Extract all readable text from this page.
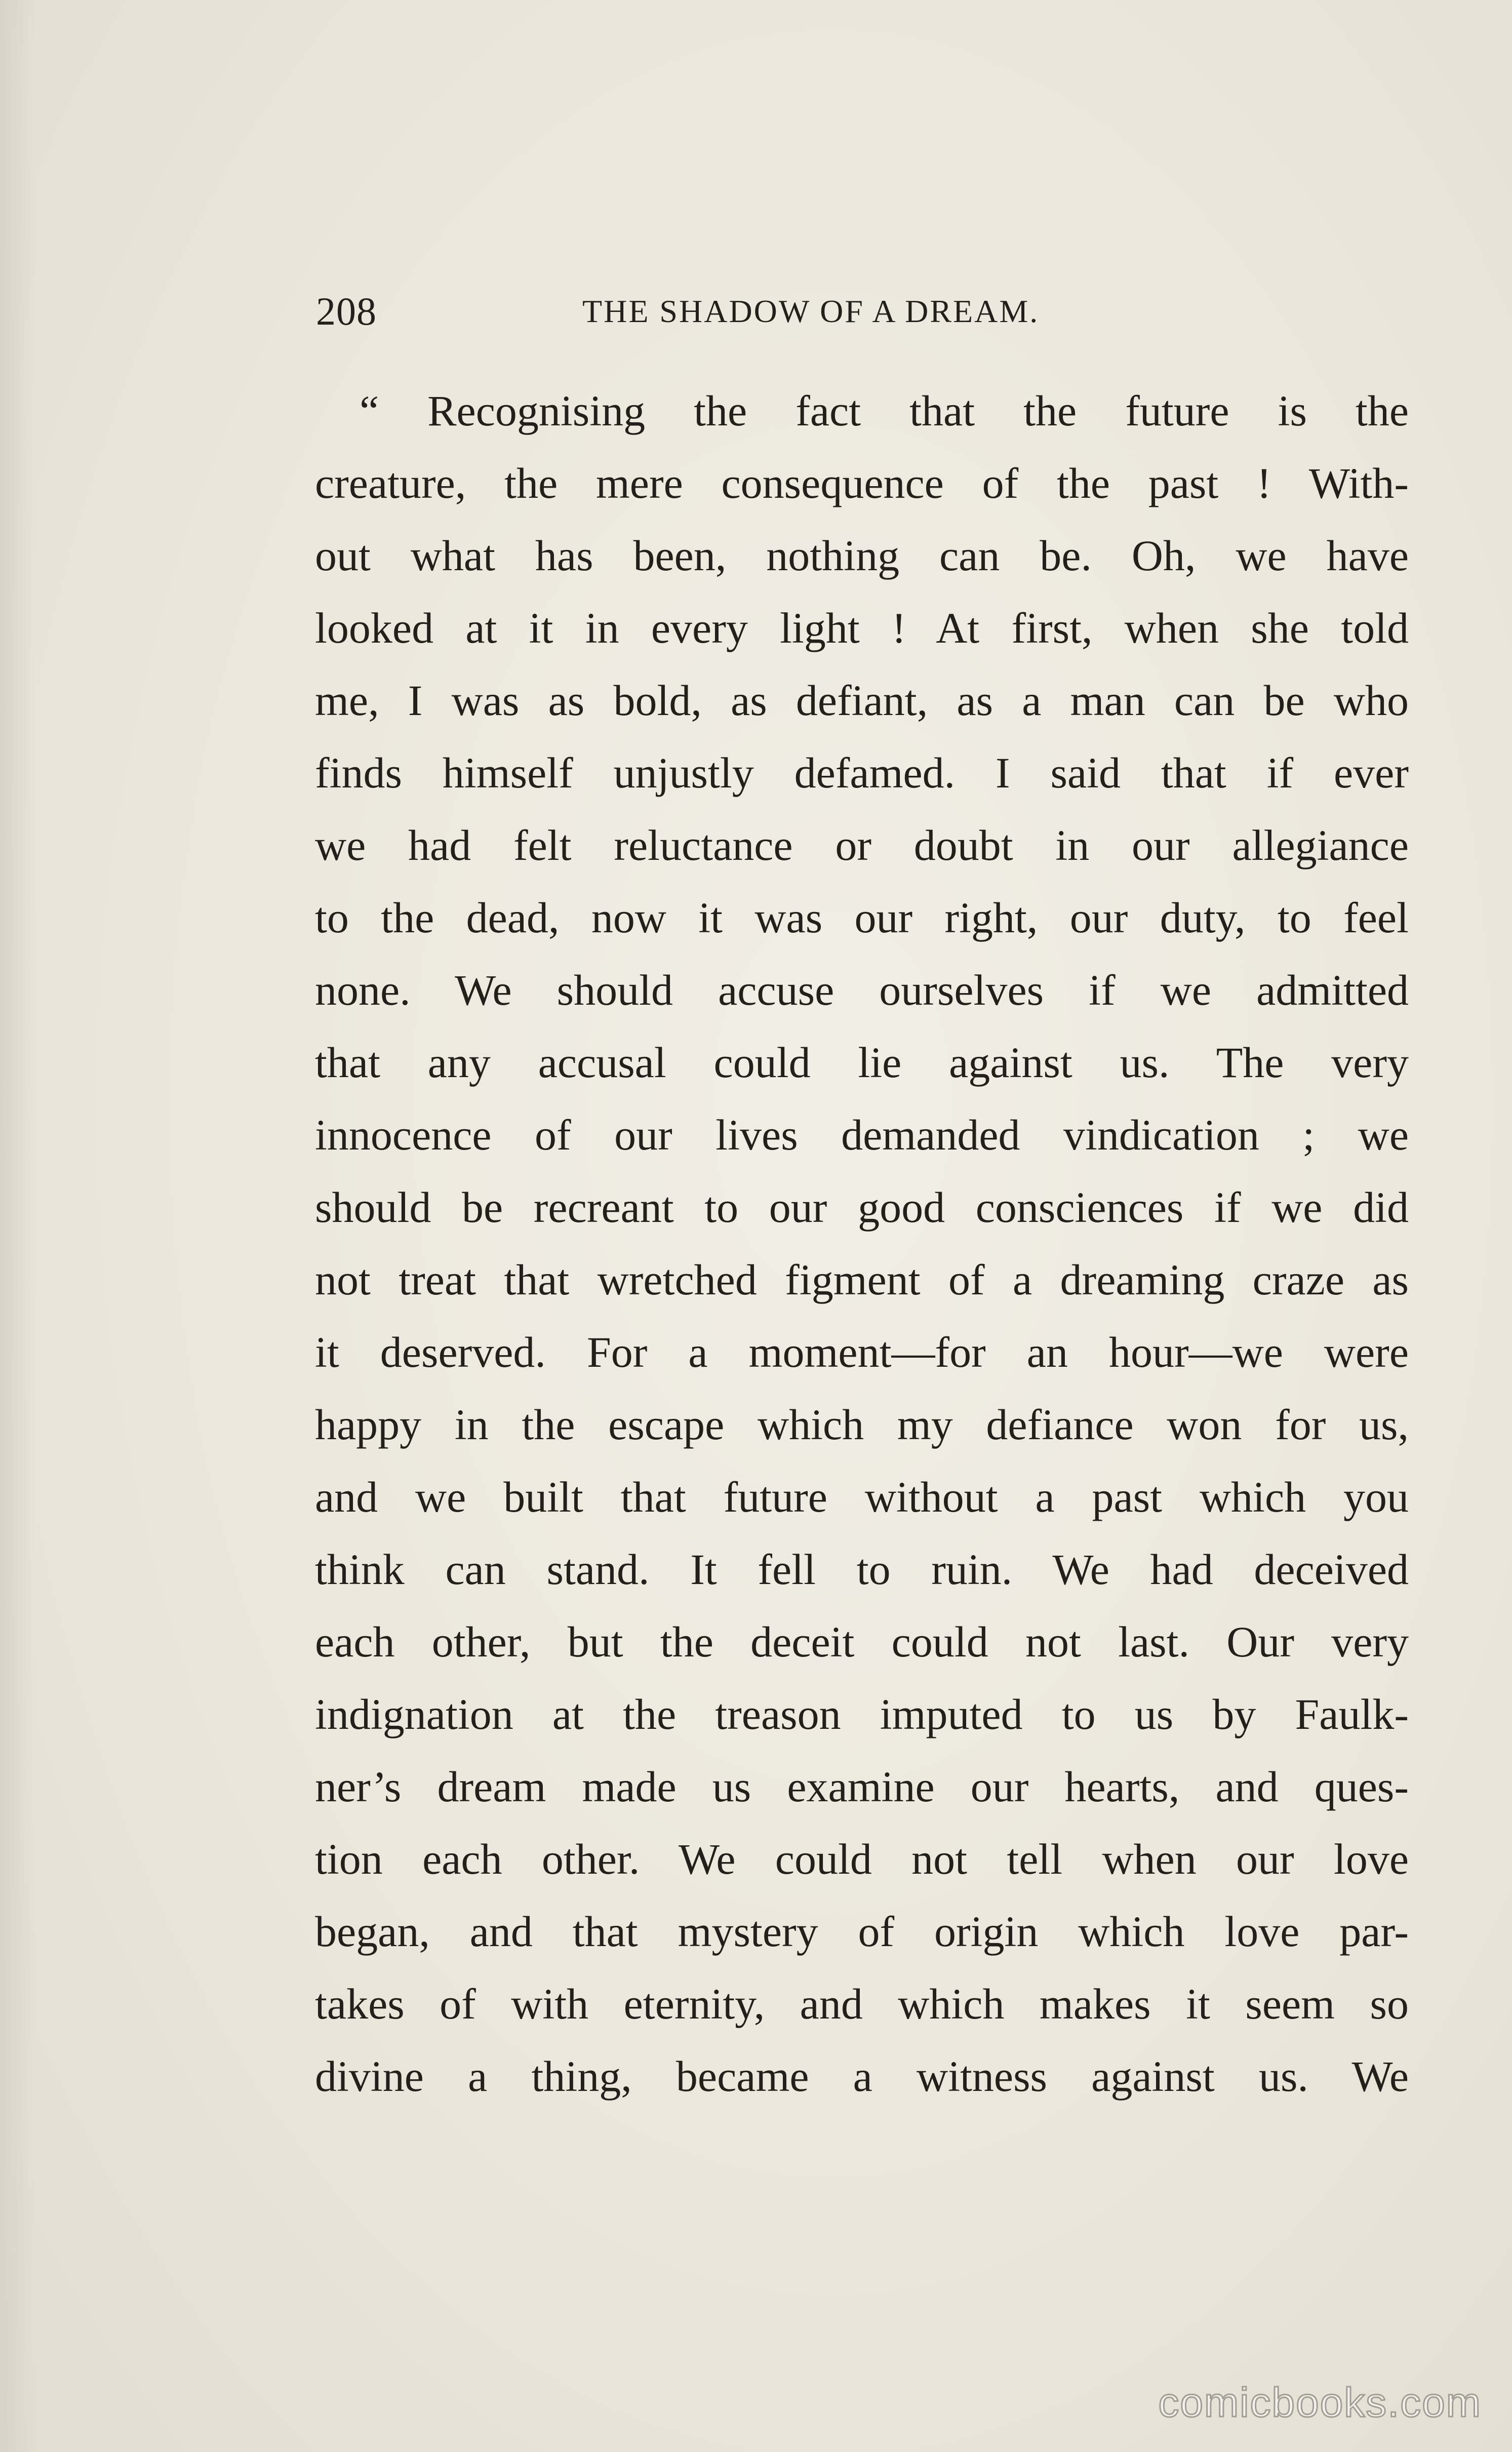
208	THE SHADOW OF A DREAM.
“ Recognising the fact that the future is the
creature, the mere consequence of the past ! With-
out what has been, nothing can be. Oh, we have
looked at it in every light ! At first, when she told
me, I was as bold, as defiant, as a man can be who
finds himself unjustly defamed. I said that if ever
we had felt reluctance or doubt in our allegiance
to the dead, now it was our right, our duty, to feel
none. We should accuse ourselves if we admitted
that any accusal could lie against us. The very
innocence of our lives demanded vindication ; we
should be recreant to our good consciences if we did
not treat that wretched figment of a dreaming craze as
it deserved. For a moment—for an hour—we were
happy in the escape which my defiance won for us,
and we built that future without a past which you
think can stand. It fell to ruin. We had deceived
each other, but the deceit could not last. Our very
indignation at the treason imputed to us by Faulk-
ner’s dream made us examine our hearts, and ques-
tion each other. We could not tell when our love
began, and that mystery of origin which love par-
takes of with eternity, and which makes it seem so
divine a thing, became a witness against us. We
comicbooks.com
